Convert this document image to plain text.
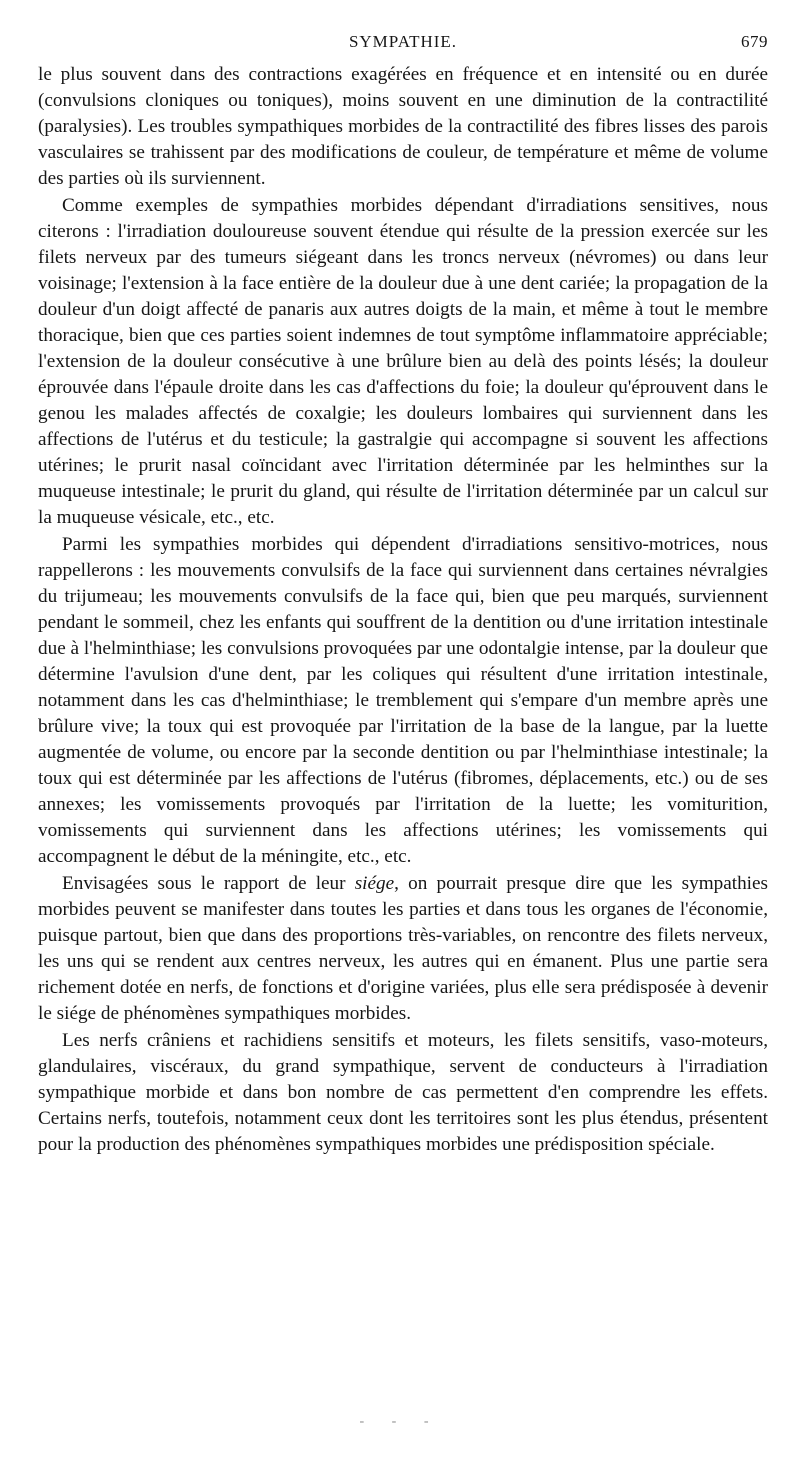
SYMPATHIE.	679

le plus souvent dans des contractions exagérées en fréquence et en intensité ou en durée (convulsions cloniques ou toniques), moins souvent en une diminution de la contractilité (paralysies). Les troubles sympathiques morbides de la contractilité des fibres lisses des parois vasculaires se trahissent par des modifications de couleur, de température et même de volume des parties où ils surviennent.

Comme exemples de sympathies morbides dépendant d'irradiations sensitives, nous citerons : l'irradiation douloureuse souvent étendue qui résulte de la pression exercée sur les filets nerveux par des tumeurs siégeant dans les troncs nerveux (névromes) ou dans leur voisinage; l'extension à la face entière de la douleur due à une dent cariée; la propagation de la douleur d'un doigt affecté de panaris aux autres doigts de la main, et même à tout le membre thoracique, bien que ces parties soient indemnes de tout symptôme inflammatoire appréciable; l'extension de la douleur consécutive à une brûlure bien au delà des points lésés; la douleur éprouvée dans l'épaule droite dans les cas d'affections du foie; la douleur qu'éprouvent dans le genou les malades affectés de coxalgie; les douleurs lombaires qui surviennent dans les affections de l'utérus et du testicule; la gastralgie qui accompagne si souvent les affections utérines; le prurit nasal coïncidant avec l'irritation déterminée par les helminthes sur la muqueuse intestinale; le prurit du gland, qui résulte de l'irritation déterminée par un calcul sur la muqueuse vésicale, etc., etc.

Parmi les sympathies morbides qui dépendent d'irradiations sensitivo-motrices, nous rappellerons : les mouvements convulsifs de la face qui surviennent dans certaines névralgies du trijumeau; les mouvements convulsifs de la face qui, bien que peu marqués, surviennent pendant le sommeil, chez les enfants qui souffrent de la dentition ou d'une irritation intestinale due à l'helminthiase; les convulsions provoquées par une odontalgie intense, par la douleur que détermine l'avulsion d'une dent, par les coliques qui résultent d'une irritation intestinale, notamment dans les cas d'helminthiase; le tremblement qui s'empare d'un membre après une brûlure vive; la toux qui est provoquée par l'irritation de la base de la langue, par la luette augmentée de volume, ou encore par la seconde dentition ou par l'helminthiase intestinale; la toux qui est déterminée par les affections de l'utérus (fibromes, déplacements, etc.) ou de ses annexes; les vomissements provoqués par l'irritation de la luette; les vomiturition, vomissements qui surviennent dans les affections utérines; les vomissements qui accompagnent le début de la méningite, etc., etc.

Envisagées sous le rapport de leur siége, on pourrait presque dire que les sympathies morbides peuvent se manifester dans toutes les parties et dans tous les organes de l'économie, puisque partout, bien que dans des proportions très-variables, on rencontre des filets nerveux, les uns qui se rendent aux centres nerveux, les autres qui en émanent. Plus une partie sera richement dotée en nerfs, de fonctions et d'origine variées, plus elle sera prédisposée à devenir le siége de phénomènes sympathiques morbides.

Les nerfs crâniens et rachidiens sensitifs et moteurs, les filets sensitifs, vaso-moteurs, glandulaires, viscéraux, du grand sympathique, servent de conducteurs à l'irradiation sympathique morbide et dans bon nombre de cas permettent d'en comprendre les effets. Certains nerfs, toutefois, notamment ceux dont les territoires sont les plus étendus, présentent pour la production des phénomènes sympathiques morbides une prédisposition spéciale.

- - -
